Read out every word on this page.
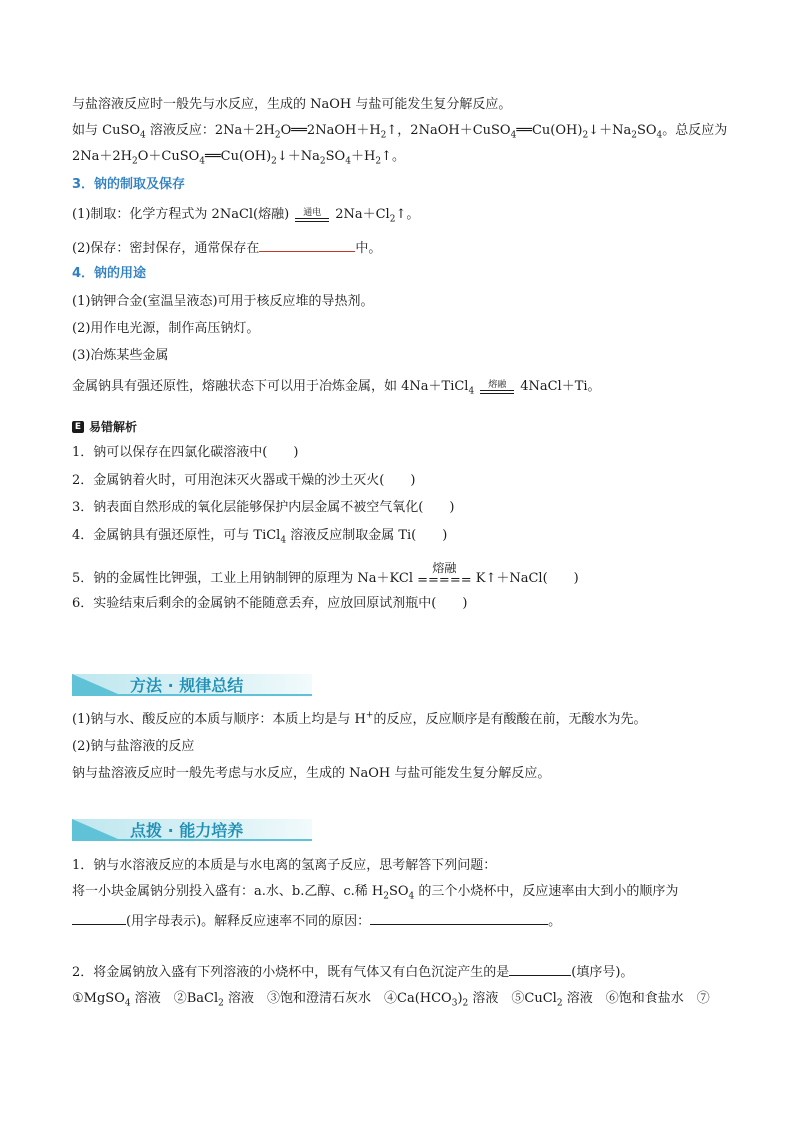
与盐溶液反应时一般先与水反应，生成的 NaOH 与盐可能发生复分解反应。
如与 CuSO$_4$ 溶液反应：$2Na+2H_2O══2NaOH+H_2↑$，$2NaOH+CuSO_4══Cu(OH)_2↓+Na_2SO_4$。总反应为
$2Na+2H_2O+CuSO_4══Cu(OH)_2↓+Na_2SO_4+H_2↑$。
3．钠的制取及保存
(1)制取：化学方程式为 2NaCl(熔融) 通电 $2Na+Cl_2↑$。
(2)保存：密封保存，通常保存在	中。
4．钠的用途
(1)钠钾合金(室温呈液态)可用于核反应堆的导热剂。
(2)用作电光源，制作高压钠灯。
(3)冶炼某些金属
金属钠具有强还原性，熔融状态下可以用于冶炼金属，如 4Na＋TiCl$_4$
熔融 4NaCl＋Ti。
E 易错解析
1．钠可以保存在四氯化碳溶液中(　　)
2．金属钠着火时，可用泡沫灭火器或干燥的沙土灭火(　　)
3．钠表面自然形成的氧化层能够保护内层金属不被空气氧化(　　)
4．金属钠具有强还原性，可与 TiCl$_4$ 溶液反应制取金属 Ti(　　)
5．钠的金属性比钾强，工业上用钠制钾的原理为 Na＋KCl
熔融
===== K↑＋NaCl(　　)
6．实验结束后剩余的金属钠不能随意丢弃，应放回原试剂瓶中(　　)
方法 · 规律总结
(1)钠与水、酸反应的本质与顺序：本质上均是与 H+的反应，反应顺序是有酸酸在前，无酸水为先。
(2)钠与盐溶液的反应
钠与盐溶液反应时一般先考虑与水反应，生成的 NaOH 与盐可能发生复分解反应。
点拨 · 能力培养
1．钠与水溶液反应的本质是与水电离的氢离子反应，思考解答下列问题：
将一小块金属钠分别投入盛有：a.水、b.乙醇、c.稀 $H_2SO_4$ 的三个小烧杯中，反应速率由大到小的顺序为
(用字母表示)。解释反应速率不同的原因：	。
2．将金属钠放入盛有下列溶液的小烧杯中，既有气体又有白色沉淀产生的是	(填序号)。
①MgSO$_4$ 溶液　②BaCl$_2$ 溶液　③饱和澄清石灰水　$④Ca(HCO_3)_2$ 溶液　⑤CuCl$_2$ 溶液　⑥饱和食盐水　⑦
